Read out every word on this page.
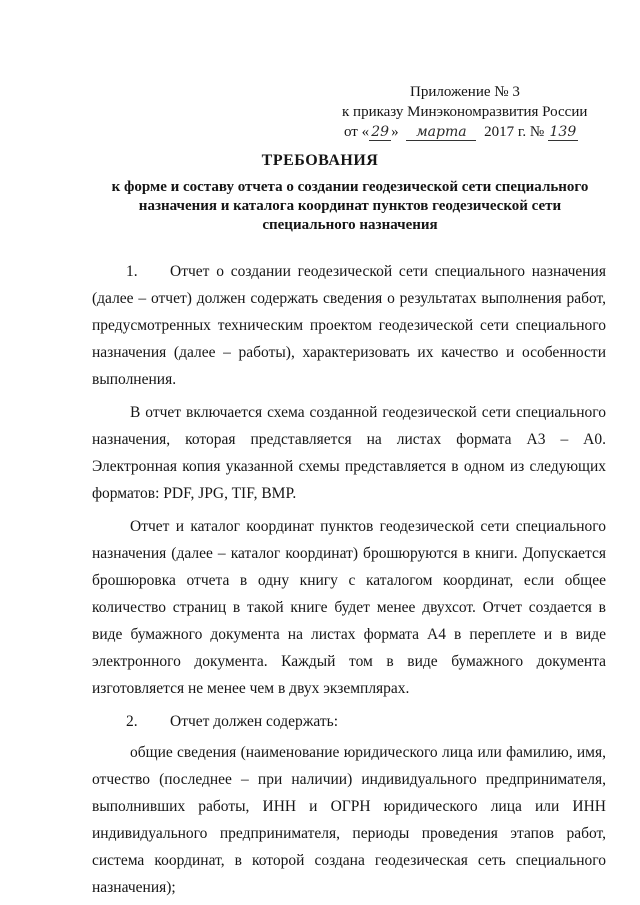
Приложение № 3
к приказу Минэкономразвития России
от « 29 » марта 2017 г. № 139
ТРЕБОВАНИЯ
к форме и составу отчета о создании геодезической сети специального назначения и каталога координат пунктов геодезической сети специального назначения

1. Отчет о создании геодезической сети специального назначения (далее – отчет) должен содержать сведения о результатах выполнения работ, предусмотренных техническим проектом геодезической сети специального назначения (далее – работы), характеризовать их качество и особенности выполнения.

В отчет включается схема созданной геодезической сети специального назначения, которая представляется на листах формата А3 – А0. Электронная копия указанной схемы представляется в одном из следующих форматов: PDF, JPG, TIF, BMP.

Отчет и каталог координат пунктов геодезической сети специального назначения (далее – каталог координат) брошюруются в книги. Допускается брошюровка отчета в одну книгу с каталогом координат, если общее количество страниц в такой книге будет менее двухсот. Отчет создается в виде бумажного документа на листах формата А4 в переплете и в виде электронного документа. Каждый том в виде бумажного документа изготовляется не менее чем в двух экземплярах.

2. Отчет должен содержать:

общие сведения (наименование юридического лица или фамилию, имя, отчество (последнее – при наличии) индивидуального предпринимателя, выполнивших работы, ИНН и ОГРН юридического лица или ИНН индивидуального предпринимателя, периоды проведения этапов работ, система координат, в которой создана геодезическая сеть специального назначения);
